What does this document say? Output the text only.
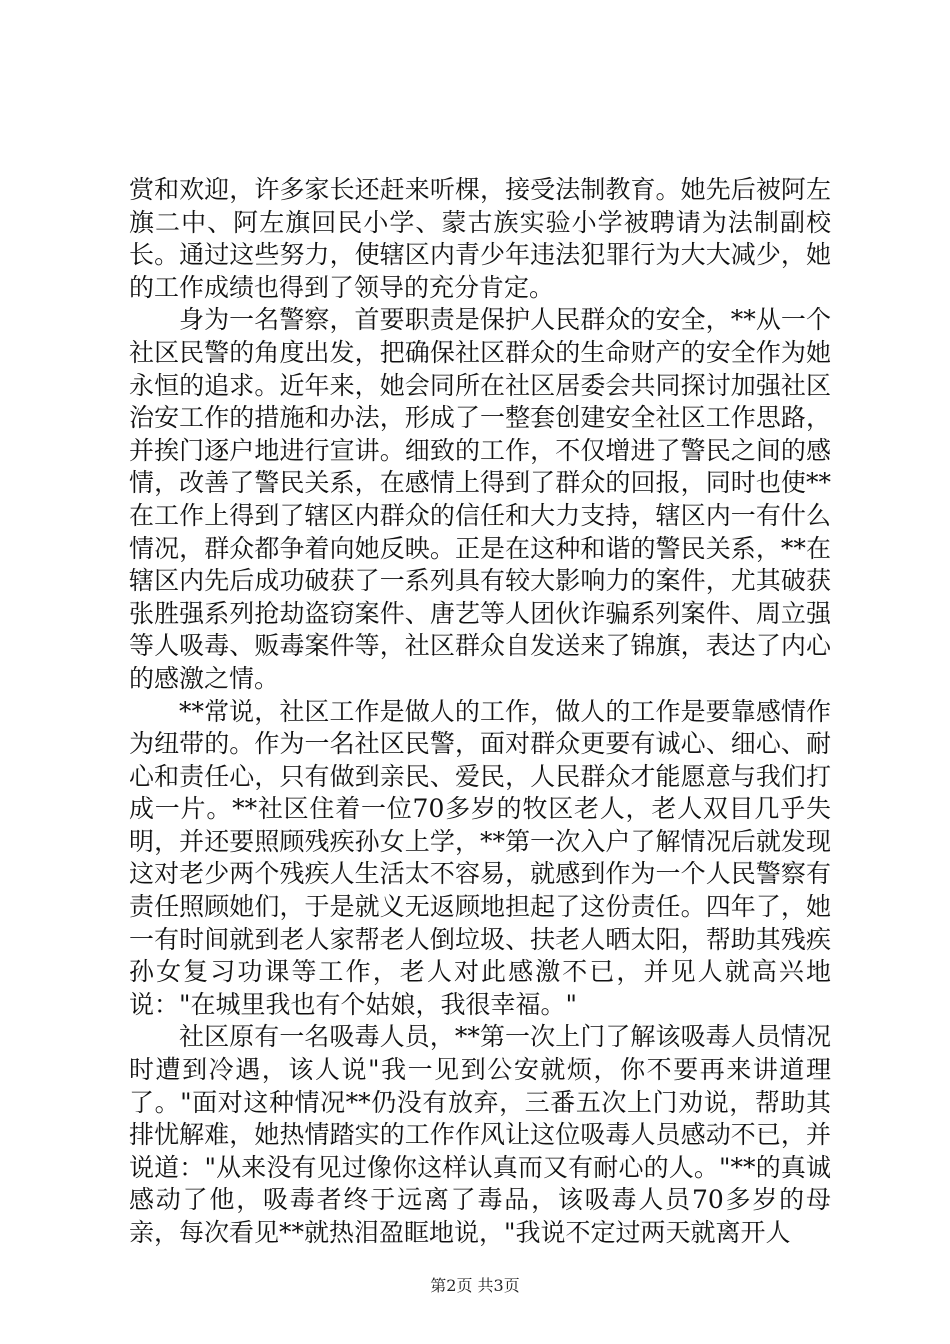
赏和欢迎，许多家长还赶来听棵，接受法制教育。她先后被阿左旗二中、阿左旗回民小学、蒙古族实验小学被聘请为法制副校长。通过这些努力，使辖区内青少年违法犯罪行为大大减少，她的工作成绩也得到了领导的充分肯定。

身为一名警察，首要职责是保护人民群众的安全，**从一个社区民警的角度出发，把确保社区群众的生命财产的安全作为她永恒的追求。近年来，她会同所在社区居委会共同探讨加强社区治安工作的措施和办法，形成了一整套创建安全社区工作思路，并挨门逐户地进行宣讲。细致的工作，不仅增进了警民之间的感情，改善了警民关系，在感情上得到了群众的回报，同时也使**在工作上得到了辖区内群众的信任和大力支持，辖区内一有什么情况，群众都争着向她反映。正是在这种和谐的警民关系，**在辖区内先后成功破获了一系列具有较大影响力的案件，尤其破获张胜强系列抢劫盗窃案件、唐艺等人团伙诈骗系列案件、周立强等人吸毒、贩毒案件等，社区群众自发送来了锦旗，表达了内心的感激之情。

**常说，社区工作是做人的工作，做人的工作是要靠感情作为纽带的。作为一名社区民警，面对群众更要有诚心、细心、耐心和责任心，只有做到亲民、爱民，人民群众才能愿意与我们打成一片。**社区住着一位70多岁的牧区老人，老人双目几乎失明，并还要照顾残疾孙女上学，**第一次入户了解情况后就发现这对老少两个残疾人生活太不容易，就感到作为一个人民警察有责任照顾她们，于是就义无返顾地担起了这份责任。四年了，她一有时间就到老人家帮老人倒垃圾、扶老人晒太阳，帮助其残疾孙女复习功课等工作，老人对此感激不已，并见人就高兴地说："在城里我也有个姑娘，我很幸福。"

社区原有一名吸毒人员，**第一次上门了解该吸毒人员情况时遭到冷遇，该人说"我一见到公安就烦，你不要再来讲道理了。"面对这种情况**仍没有放弃，三番五次上门劝说，帮助其排忧解难，她热情踏实的工作作风让这位吸毒人员感动不已，并说道："从来没有见过像你这样认真而又有耐心的人。"**的真诚感动了他，吸毒者终于远离了毒品，该吸毒人员70多岁的母亲，每次看见**就热泪盈眶地说，"我说不定过两天就离开人

第2页 共3页
